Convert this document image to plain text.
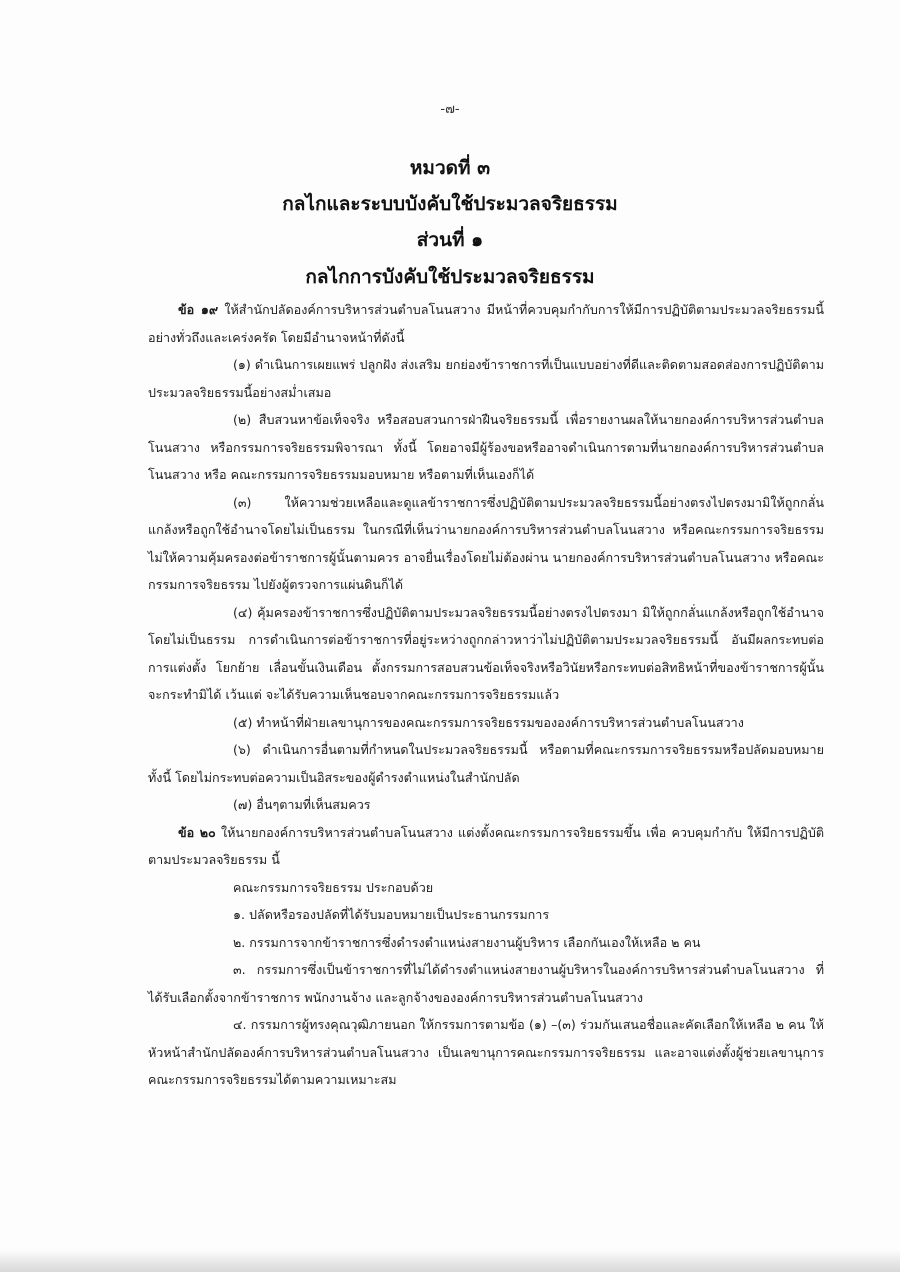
-๗-

หมวดที่ ๓

กลไกและระบบบังคับใช้ประมวลจริยธรรม

ส่วนที่ ๑

กลไกการบังคับใช้ประมวลจริยธรรม

ข้อ ๑๙ ให้สำนักปลัดองค์การบริหารส่วนตำบลโนนสวาง มีหน้าที่ควบคุมกำกับการให้มีการปฏิบัติตามประมวลจริยธรรมนี้อย่างทั่วถึงและเคร่งครัด โดยมีอำนาจหน้าที่ดังนี้

(๑) ดำเนินการเผยแพร่ ปลูกฝัง ส่งเสริม ยกย่องข้าราชการที่เป็นแบบอย่างที่ดีและติดตามสอดส่องการปฏิบัติตามประมวลจริยธรรมนี้อย่างสม่ำเสมอ

(๒) สืบสวนหาข้อเท็จจริง หรือสอบสวนการฝ่าฝืนจริยธรรมนี้ เพื่อรายงานผลให้นายกองค์การบริหารส่วนตำบลโนนสวาง หรือกรรมการจริยธรรมพิจารณา ทั้งนี้ โดยอาจมีผู้ร้องขอหรืออาจดำเนินการตามที่นายกองค์การบริหารส่วนตำบลโนนสวาง หรือ คณะกรรมการจริยธรรมมอบหมาย หรือตามที่เห็นเองก็ได้

(๓) ให้ความช่วยเหลือและดูแลข้าราชการซึ่งปฏิบัติตามประมวลจริยธรรมนี้อย่างตรงไปตรงมามิให้ถูกกลั่นแกล้งหรือถูกใช้อำนาจโดยไม่เป็นธรรม ในกรณีที่เห็นว่านายกองค์การบริหารส่วนตำบลโนนสวาง หรือคณะกรรมการจริยธรรมไม่ให้ความคุ้มครองต่อข้าราชการผู้นั้นตามควร อาจยื่นเรื่องโดยไม่ต้องผ่าน นายกองค์การบริหารส่วนตำบลโนนสวาง หรือคณะกรรมการจริยธรรม ไปยังผู้ตรวจการแผ่นดินก็ได้

(๔) คุ้มครองข้าราชการซึ่งปฏิบัติตามประมวลจริยธรรมนี้อย่างตรงไปตรงมา มิให้ถูกกลั่นแกล้งหรือถูกใช้อำนาจโดยไม่เป็นธรรม การดำเนินการต่อข้าราชการที่อยู่ระหว่างถูกกล่าวหาว่าไม่ปฏิบัติตามประมวลจริยธรรมนี้ อันมีผลกระทบต่อการแต่งตั้ง โยกย้าย เลื่อนขั้นเงินเดือน ตั้งกรรมการสอบสวนข้อเท็จจริงหรือวินัยหรือกระทบต่อสิทธิหน้าที่ของข้าราชการผู้นั้น จะกระทำมิได้ เว้นแต่ จะได้รับความเห็นชอบจากคณะกรรมการจริยธรรมแล้ว

(๕) ทำหน้าที่ฝ่ายเลขานุการของคณะกรรมการจริยธรรมขององค์การบริหารส่วนตำบลโนนสวาง

(๖) ดำเนินการอื่นตามที่กำหนดในประมวลจริยธรรมนี้ หรือตามที่คณะกรรมการจริยธรรมหรือปลัดมอบหมาย ทั้งนี้ โดยไม่กระทบต่อความเป็นอิสระของผู้ดำรงตำแหน่งในสำนักปลัด

(๗) อื่นๆตามที่เห็นสมควร

ข้อ ๒๐ ให้นายกองค์การบริหารส่วนตำบลโนนสวาง แต่งตั้งคณะกรรมการจริยธรรมขึ้น เพื่อ ควบคุมกำกับ ให้มีการปฏิบัติตามประมวลจริยธรรม นี้

คณะกรรมการจริยธรรม ประกอบด้วย

๑. ปลัดหรือรองปลัดที่ได้รับมอบหมายเป็นประธานกรรมการ

๒. กรรมการจากข้าราชการซึ่งดำรงตำแหน่งสายงานผู้บริหาร เลือกกันเองให้เหลือ ๒ คน

๓. กรรมการซึ่งเป็นข้าราชการที่ไม่ได้ดำรงตำแหน่งสายงานผู้บริหารในองค์การบริหารส่วนตำบลโนนสวาง ที่ได้รับเลือกตั้งจากข้าราชการ พนักงานจ้าง และลูกจ้างขององค์การบริหารส่วนตำบลโนนสวาง

๔. กรรมการผู้ทรงคุณวุฒิภายนอก ให้กรรมการตามข้อ (๑) –(๓) ร่วมกันเสนอชื่อและคัดเลือกให้เหลือ ๒ คน ให้หัวหน้าสำนักปลัดองค์การบริหารส่วนตำบลโนนสวาง เป็นเลขานุการคณะกรรมการจริยธรรม และอาจแต่งตั้งผู้ช่วยเลขานุการคณะกรรมการจริยธรรมได้ตามความเหมาะสม
